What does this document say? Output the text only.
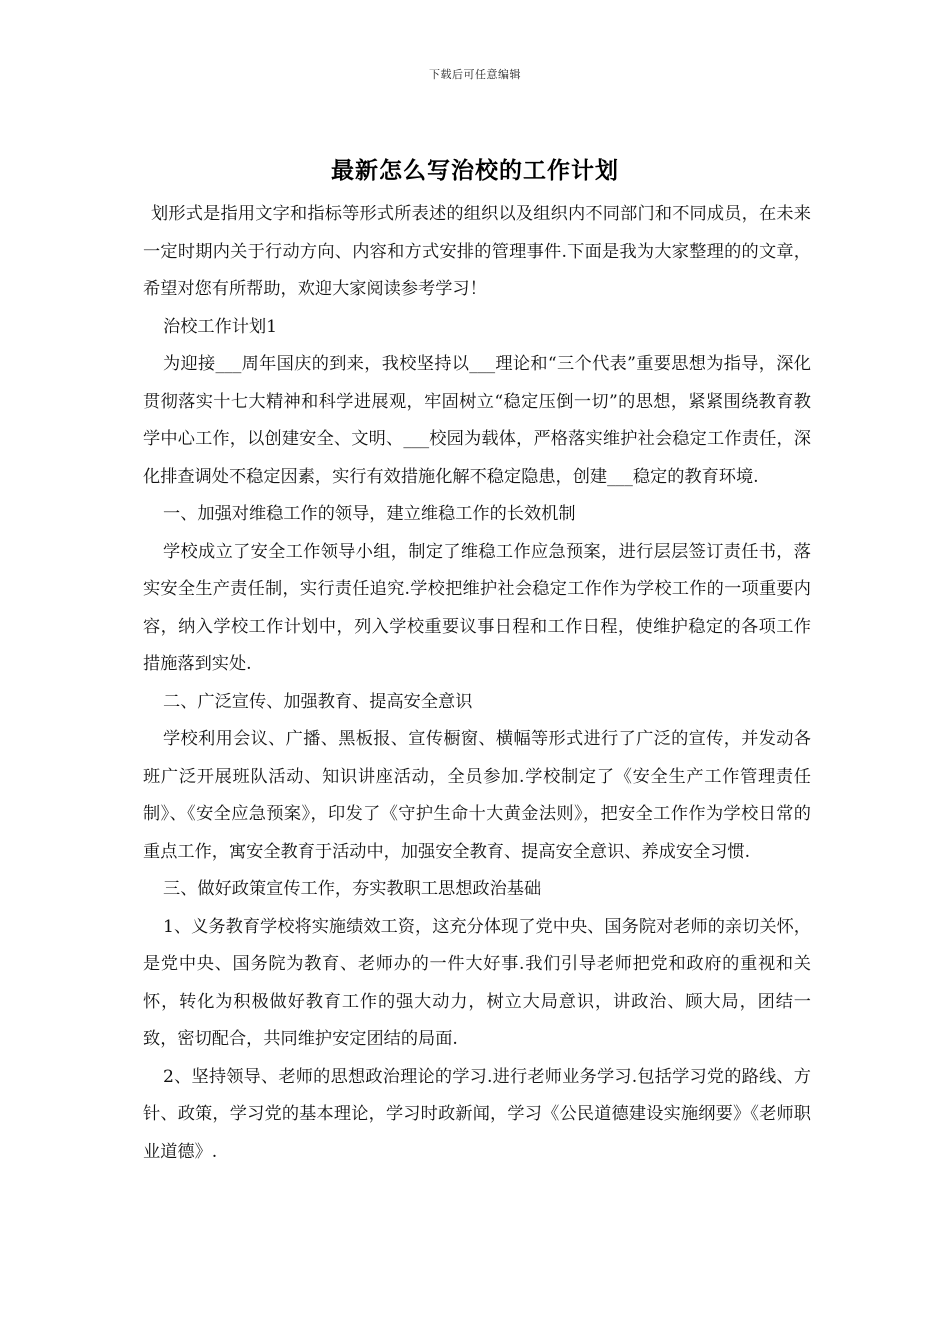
下载后可任意编辑
最新怎么写治校的工作计划

划形式是指用文字和指标等形式所表述的组织以及组织内不同部门和不同成员，在未来一定时期内关于行动方向、内容和方式安排的管理事件.下面是我为大家整理的的文章，希望对您有所帮助，欢迎大家阅读参考学习！

治校工作计划1

为迎接___周年国庆的到来，我校坚持以___理论和“三个代表”重要思想为指导，深化贯彻落实十七大精神和科学进展观，牢固树立“稳定压倒一切”的思想，紧紧围绕教育教学中心工作，以创建安全、文明、___校园为载体，严格落实维护社会稳定工作责任，深化排查调处不稳定因素，实行有效措施化解不稳定隐患，创建___稳定的教育环境.

一、加强对维稳工作的领导，建立维稳工作的长效机制

学校成立了安全工作领导小组，制定了维稳工作应急预案，进行层层签订责任书，落实安全生产责任制，实行责任追究.学校把维护社会稳定工作作为学校工作的一项重要内容，纳入学校工作计划中，列入学校重要议事日程和工作日程，使维护稳定的各项工作措施落到实处.

二、广泛宣传、加强教育、提高安全意识

学校利用会议、广播、黑板报、宣传橱窗、横幅等形式进行了广泛的宣传，并发动各班广泛开展班队活动、知识讲座活动，全员参加.学校制定了《安全生产工作管理责任制》、《安全应急预案》，印发了《守护生命十大黄金法则》，把安全工作作为学校日常的重点工作，寓安全教育于活动中，加强安全教育、提高安全意识、养成安全习惯.

三、做好政策宣传工作，夯实教职工思想政治基础

1、义务教育学校将实施绩效工资，这充分体现了党中央、国务院对老师的亲切关怀，是党中央、国务院为教育、老师办的一件大好事.我们引导老师把党和政府的重视和关怀，转化为积极做好教育工作的强大动力，树立大局意识，讲政治、顾大局，团结一致，密切配合，共同维护安定团结的局面.

2、坚持领导、老师的思想政治理论的学习.进行老师业务学习.包括学习党的路线、方针、政策，学习党的基本理论，学习时政新闻，学习《公民道德建设实施纲要》《老师职业道德》.
